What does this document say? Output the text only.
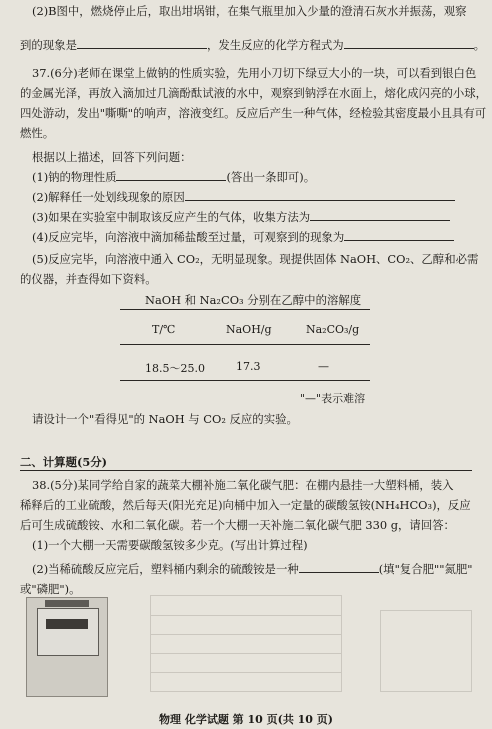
(2)B图中，燃烧停止后，取出坩埚钳，在集气瓶里加入少量的澄清石灰水并振荡，观察
到的现象是	，发生反应的化学方程式为	。
37.(6分)老师在课堂上做钠的性质实验，先用小刀切下绿豆大小的一块，可以看到银白色
的金属光泽，再放入滴加过几滴酚酞试液的水中，观察到钠浮在水面上，熔化成闪亮的小球，
四处游动，发出"嘶嘶"的响声，溶液变红。反应后产生一种气体，经检验其密度最小且具有可
燃性。
根据以上描述，回答下列问题：
(1)钠的物理性质	(答出一条即可)。
(2)解释任一处划线现象的原因
(3)如果在实验室中制取该反应产生的气体，收集方法为
(4)反应完毕，向溶液中滴加稀盐酸至过量，可观察到的现象为
(5)反应完毕，向溶液中通入 CO₂，无明显现象。现提供固体 NaOH、CO₂、乙醇和必需
的仪器，并查得如下资料。
NaOH 和 Na₂CO₃ 分别在乙醇中的溶解度
T/℃	NaOH/g	Na₂CO₃/g
18.5～25.0	17.3	—
"—"表示难溶
请设计一个"看得见"的 NaOH 与 CO₂ 反应的实验。
二、计算题(5分)
38.(5分)某同学给自家的蔬菜大棚补施二氧化碳气肥：在棚内悬挂一大塑料桶，装入
稀释后的工业硫酸，然后每天(阳光充足)向桶中加入一定量的碳酸氢铵(NH₄HCO₃)，反应
后可生成硫酸铵、水和二氧化碳。若一个大棚一天补施二氧化碳气肥 330 g，请回答：
(1)一个大棚一天需要碳酸氢铵多少克。(写出计算过程)
(2)当稀硫酸反应完后，塑料桶内剩余的硫酸铵是一种	(填"复合肥""氮肥"
或"磷肥")。
物理 化学试题 第 10 页(共 10 页)
